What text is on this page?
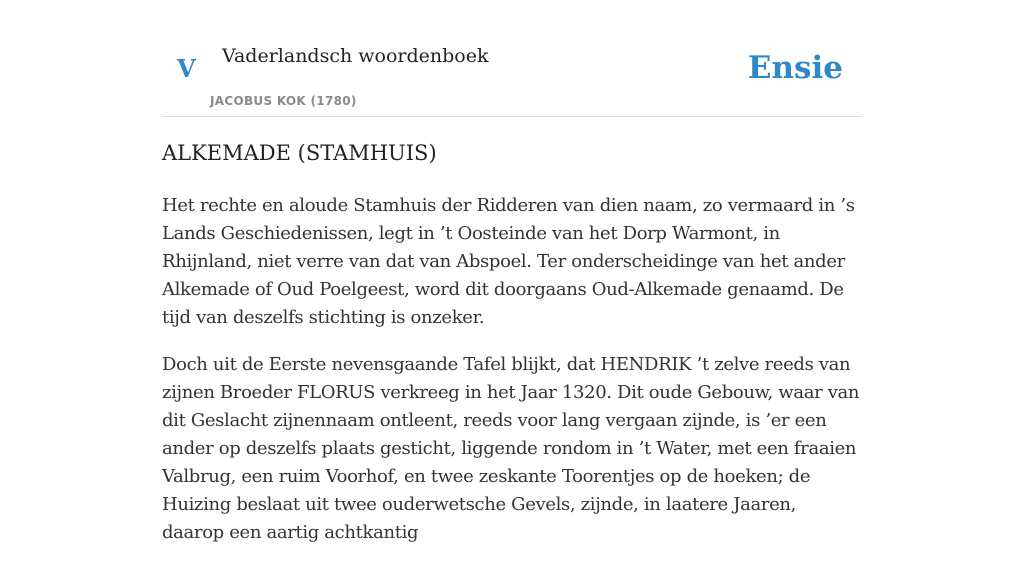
V Vaderlandsch woordenboek
JACOBUS KOK (1780)
Ensie
ALKEMADE (STAMHUIS)

Het rechte en aloude Stamhuis der Ridderen van dien naam, zo vermaard in ’s Lands Geschiedenissen, legt in ’t Oosteinde van het Dorp Warmont, in Rhijnland, niet verre van dat van Abspoel. Ter onderscheidinge van het ander Alkemade of Oud Poelgeest, word dit doorgaans Oud-Alkemade genaamd. De tijd van deszelfs stichting is onzeker.

Doch uit de Eerste nevensgaande Tafel blijkt, dat HENDRIK ’t zelve reeds van zijnen Broeder FLORUS verkreeg in het Jaar 1320. Dit oude Gebouw, waar van dit Geslacht zijnennaam ontleent, reeds voor lang vergaan zijnde, is ’er een ander op deszelfs plaats gesticht, liggende rondom in ’t Water, met een fraaien Valbrug, een ruim Voorhof, en twee zeskante Toorentjes op de hoeken; de Huizing beslaat uit twee ouderwetsche Gevels, zijnde, in laatere Jaaren, daarop een aartig achtkantig
